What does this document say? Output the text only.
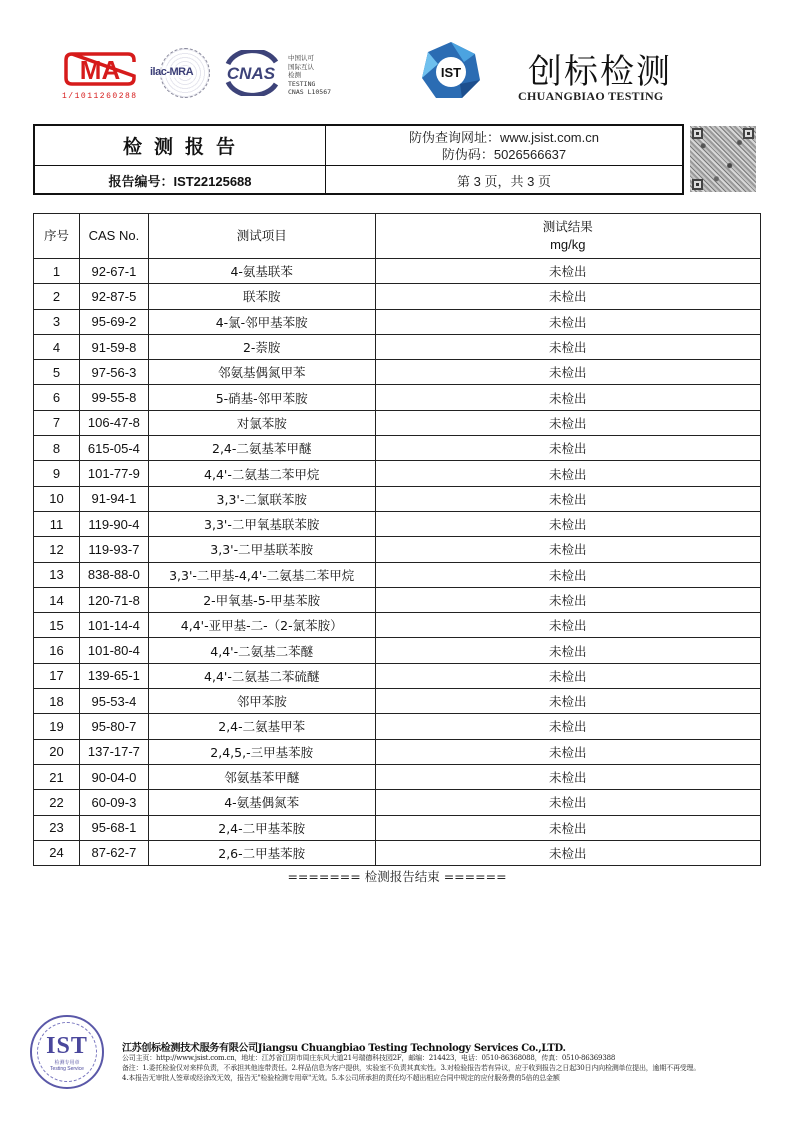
MA
1/1011260288
ilac-MRA CNAS
中国认可
国际互认
检测
TESTING
CNAS L10567
IST 创标检测
CHUANGBIAO TESTING
检测报告
报告编号：IST22125688
防伪查询网址：www.jsist.com.cn
防伪码：5026566637
第 3 页，共 3 页
序号	CAS No.	测试项目	测试结果
mg/kg

1	92-67-1	4-氨基联苯	未检出
2	92-87-5	联苯胺	未检出
3	95-69-2	4-氯-邻甲基苯胺	未检出
4	91-59-8	2-萘胺	未检出
5	97-56-3	邻氨基偶氮甲苯	未检出
6	99-55-8	5-硝基-邻甲苯胺	未检出
7	106-47-8	对氯苯胺	未检出
8	615-05-4	2,4-二氨基苯甲醚	未检出
9	101-77-9	4,4'-二氨基二苯甲烷	未检出
10	91-94-1	3,3'-二氯联苯胺	未检出
11	119-90-4	3,3'-二甲氧基联苯胺	未检出
12	119-93-7	3,3'-二甲基联苯胺	未检出
13	838-88-0	3,3'-二甲基-4,4'-二氨基二苯甲烷	未检出
14	120-71-8	2-甲氧基-5-甲基苯胺	未检出
15	101-14-4	4,4'-亚甲基-二-（2-氯苯胺）	未检出
16	101-80-4	4,4'-二氨基二苯醚	未检出
17	139-65-1	4,4'-二氨基二苯硫醚	未检出
18	95-53-4	邻甲苯胺	未检出
19	95-80-7	2,4-二氨基甲苯	未检出
20	137-17-7	2,4,5,-三甲基苯胺	未检出
21	90-04-0	邻氨基苯甲醚	未检出
22	60-09-3	4-氨基偶氮苯	未检出
23	95-68-1	2,4-二甲基苯胺	未检出
24	87-62-7	2,6-二甲基苯胺	未检出
======= 检测报告结束 ======
IST
检测专用章
Testing Service
江苏创标检测技术服务有限公司Jiangsu Chuangbiao Testing Technology Services Co.,LTD.
公司主页：http://www.jsist.com.cn，地址：江苏省江阴市周庄东风大道21号瑞德科技园2F，邮编：214423，电话：0510-86368088，传真：0510-86369388
备注：1.委托检验仅对来样负责，不承担其他连带责任。2.样品信息为客户提供，实验室不负责其真实性。3.对检验报告若有异议，应于收到报告之日起30日内向检测单位提出，逾期不再受理。
4.本报告无审批人签章或经涂改无效，报告无"检验检测专用章"无效。5.本公司所承担的责任均不超出相应合同中规定的应付服务费的5倍的总金额
